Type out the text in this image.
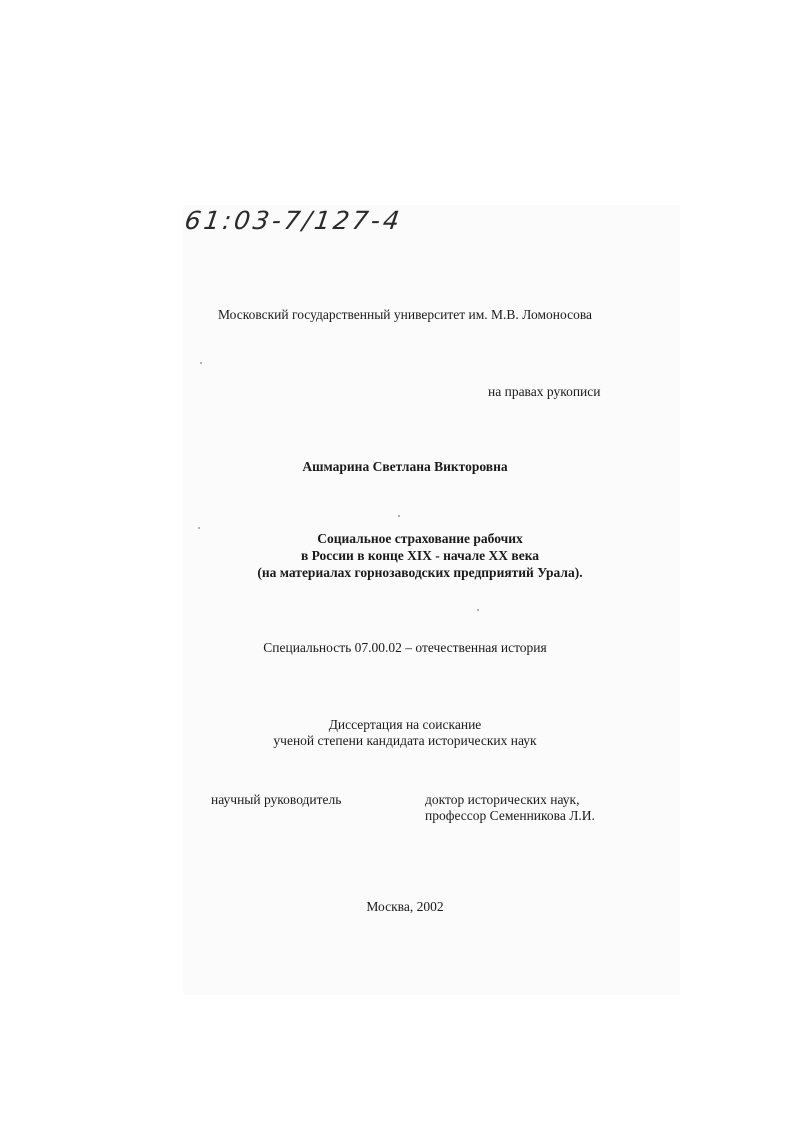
61:03-7/127-4
Московский государственный университет им. М.В. Ломоносова
на правах рукописи
Ашмарина Светлана Викторовна
Социальное страхование рабочих
в России в конце XIX - начале XX века
(на материалах горнозаводских предприятий Урала).
Специальность 07.00.02 – отечественная история
Диссертация на соискание
ученой степени кандидата исторических наук
научный руководитель	доктор исторических наук,
профессор Семенникова Л.И.
Москва, 2002
